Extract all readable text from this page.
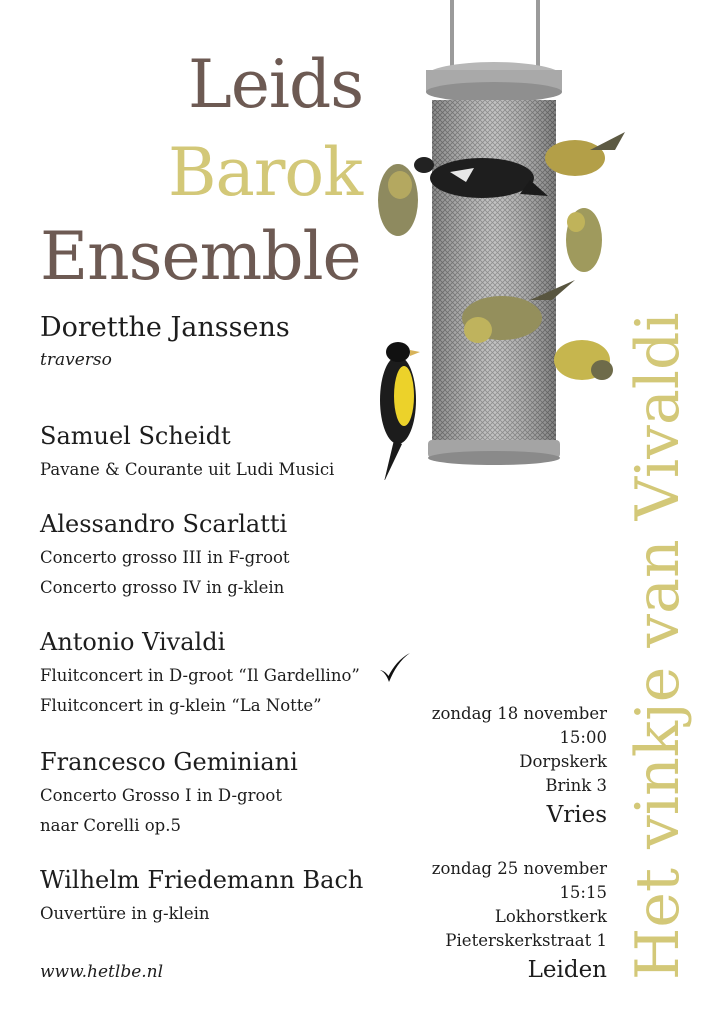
Leids
Barok
Ensemble
Doretthe Janssens
traverso
Samuel Scheidt
Pavane & Courante uit Ludi Musici
Alessandro Scarlatti
Concerto grosso III in F-groot
Concerto grosso IV in g-klein
Antonio Vivaldi
Fluitconcert in D-groot “Il Gardellino”
Fluitconcert in g-klein “La Notte”
Francesco Geminiani
Concerto Grosso I in D-groot
naar Corelli op.5
Wilhelm Friedemann Bach
Ouvertüre in g-klein
www.hetlbe.nl
zondag 18 november
15:00
Dorpskerk
Brink 3
Vries
zondag 25 november
15:15
Lokhorstkerk
Pieterskerkstraat 1
Leiden Het vinkje van Vivaldi
